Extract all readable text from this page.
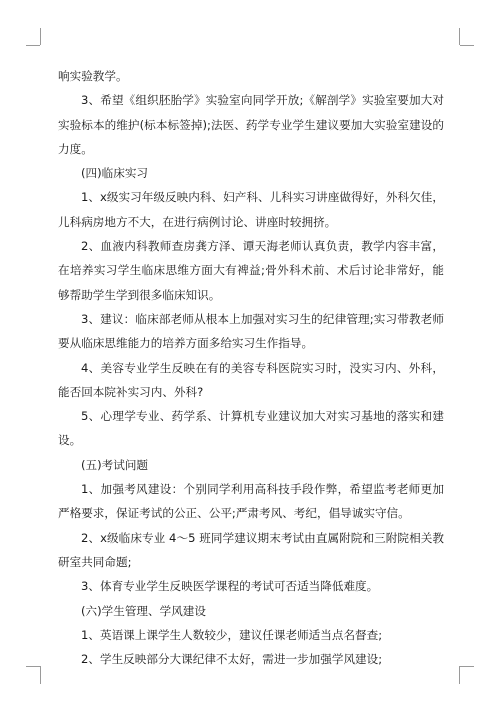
响实验教学。

3、希望《组织胚胎学》实验室向同学开放;《解剖学》实验室要加大对实验标本的维护(标本标签掉);法医、药学专业学生建议要加大实验室建设的力度。

(四)临床实习

1、x级实习年级反映内科、妇产科、儿科实习讲座做得好，外科欠佳，儿科病房地方不大，在进行病例讨论、讲座时较拥挤。

2、血液内科教师查房龚方泽、谭天海老师认真负责，教学内容丰富，在培养实习学生临床思维方面大有裨益;骨外科术前、术后讨论非常好，能够帮助学生学到很多临床知识。

3、建议：临床部老师从根本上加强对实习生的纪律管理;实习带教老师要从临床思维能力的培养方面多给实习生作指导。

4、美容专业学生反映在有的美容专科医院实习时，没实习内、外科，能否回本院补实习内、外科?

5、心理学专业、药学系、计算机专业建议加大对实习基地的落实和建设。

(五)考试问题

1、加强考风建设：个别同学利用高科技手段作弊，希望监考老师更加严格要求，保证考试的公正、公平;严肃考风、考纪，倡导诚实守信。

2、x级临床专业 4～5 班同学建议期末考试由直属附院和三附院相关教研室共同命题;

3、体育专业学生反映医学课程的考试可否适当降低难度。

(六)学生管理、学风建设

1、英语课上课学生人数较少，建议任课老师适当点名督查;

2、学生反映部分大课纪律不太好，需进一步加强学风建设;
